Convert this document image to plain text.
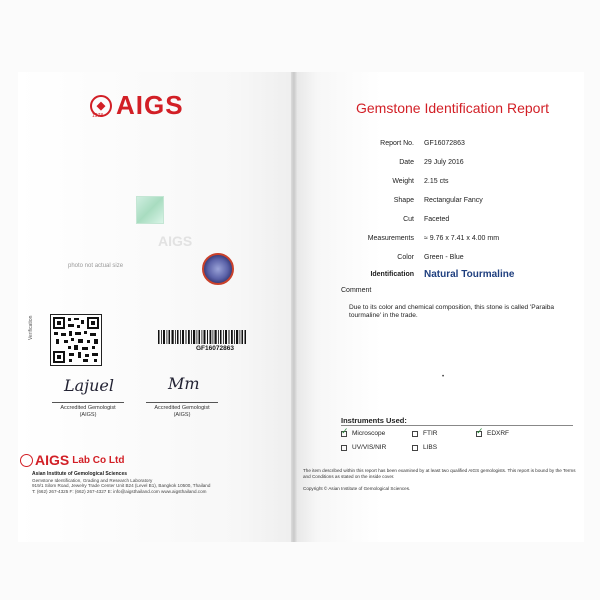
◆ AIGS
1978
AIGS
photo not actual size
Verification
GF16072863
Lajuel	Mm
Accredited Gemologist
(AIGS)
Accredited Gemologist
(AIGS)
AIGS Lab Co Ltd
Asian Institute of Gemological Sciences
Gemstone Identification, Grading and Research Laboratory
919/1 Silom Road, Jewelry Trade Center Unit B24 (Level B1), Bangkok 10500, Thailand
T: (662) 267-4325 F: (662) 267-4327 E: info@aigsthailand.com www.aigsthailand.com
Gemstone Identification Report
Report No. GF16072863
Date 29 July 2016
Weight 2.15 cts
Shape Rectangular Fancy
Cut Faceted
Measurements ≈ 9.76 x 7.41 x 4.00 mm
Color Green - Blue
Identification Natural Tourmaline
Comment
Due to its color and chemical composition, this stone is called 'Paraiba tourmaline' in the trade.
•
Instruments Used:
✓
Microscope	FTIR
✓	EDXRF
UV/VIS/NIR	LIBS
The item described within this report has been examined by at least two qualified AIGS gemologists. This report is bound by the Terms and Conditions as stated on the inside cover.
Copyright © Asian Institute of Gemological Sciences.
